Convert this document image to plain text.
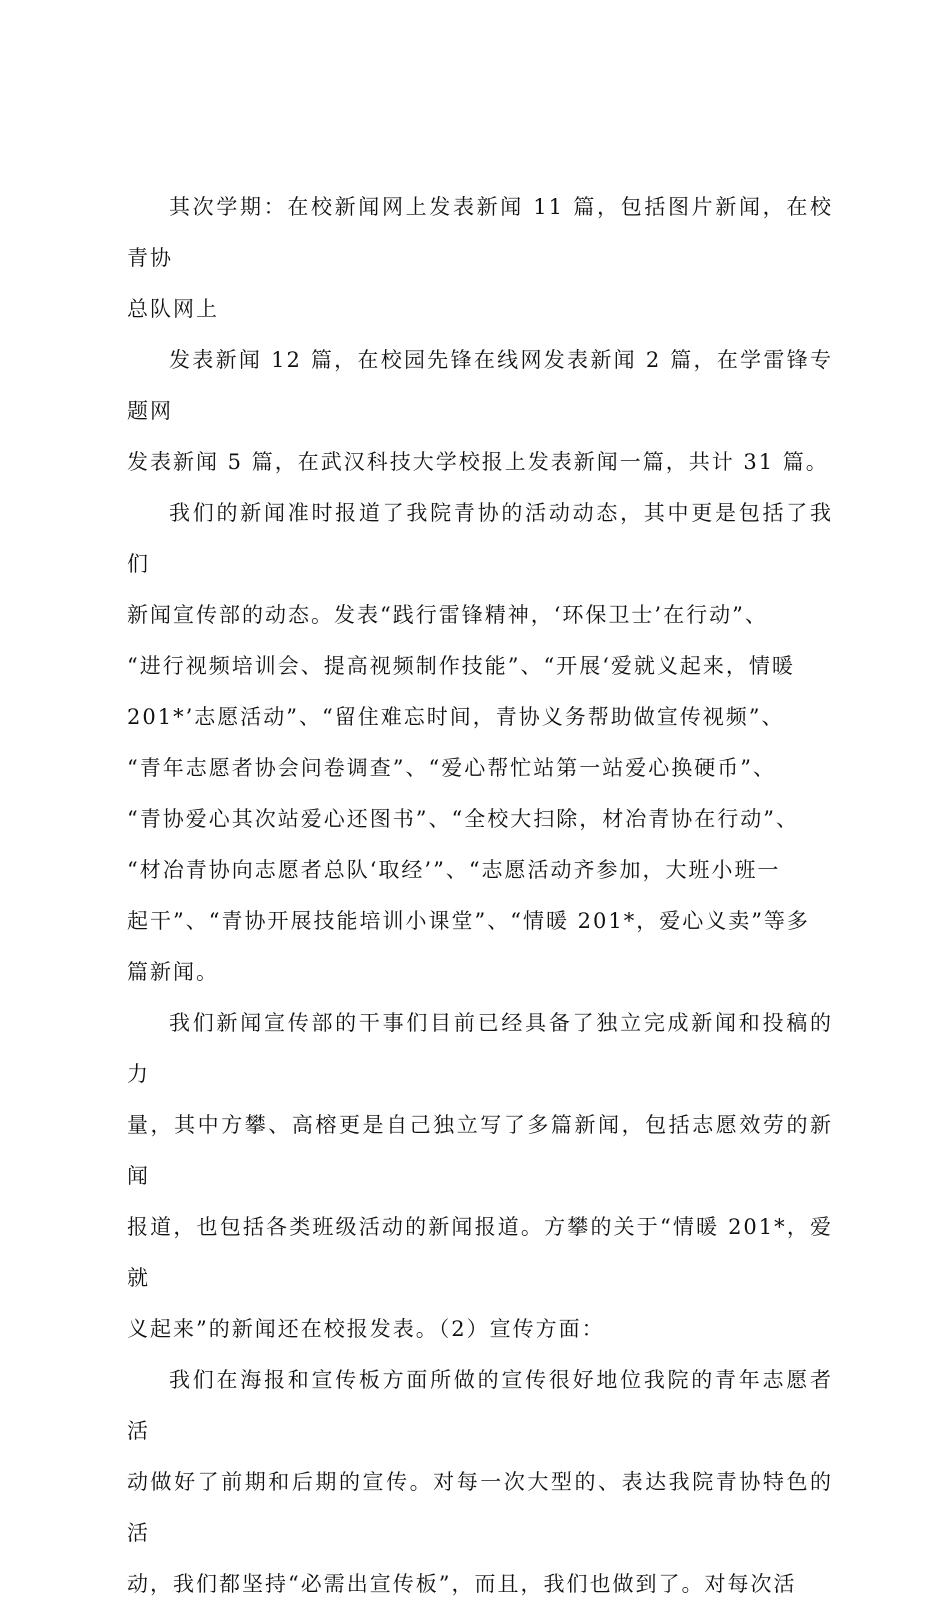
其次学期：在校新闻网上发表新闻 11 篇，包括图片新闻，在校青协
总队网上

发表新闻 12 篇，在校园先锋在线网发表新闻 2 篇，在学雷锋专题网
发表新闻 5 篇，在武汉科技大学校报上发表新闻一篇，共计 31 篇。

我们的新闻准时报道了我院青协的活动动态，其中更是包括了我们
新闻宣传部的动态。发表“践行雷锋精神，‘环保卫士’在行动”、
“进行视频培训会、提高视频制作技能”、“开展‘爱就义起来，情暖
201*’志愿活动”、“留住难忘时间，青协义务帮助做宣传视频”、
“青年志愿者协会问卷调查”、“爱心帮忙站第一站爱心换硬币”、
“青协爱心其次站爱心还图书”、“全校大扫除，材冶青协在行动”、
“材冶青协向志愿者总队‘取经’”、“志愿活动齐参加，大班小班一
起干”、“青协开展技能培训小课堂”、“情暖 201*，爱心义卖”等多
篇新闻。

我们新闻宣传部的干事们目前已经具备了独立完成新闻和投稿的力
量，其中方攀、高榕更是自己独立写了多篇新闻，包括志愿效劳的新闻
报道，也包括各类班级活动的新闻报道。方攀的关于“情暖 201*，爱就
义起来”的新闻还在校报发表。（2）宣传方面：

我们在海报和宣传板方面所做的宣传很好地位我院的青年志愿者活
动做好了前期和后期的宣传。对每一次大型的、表达我院青协特色的活
动，我们都坚持“必需出宣传板”，而且，我们也做到了。对每次活
